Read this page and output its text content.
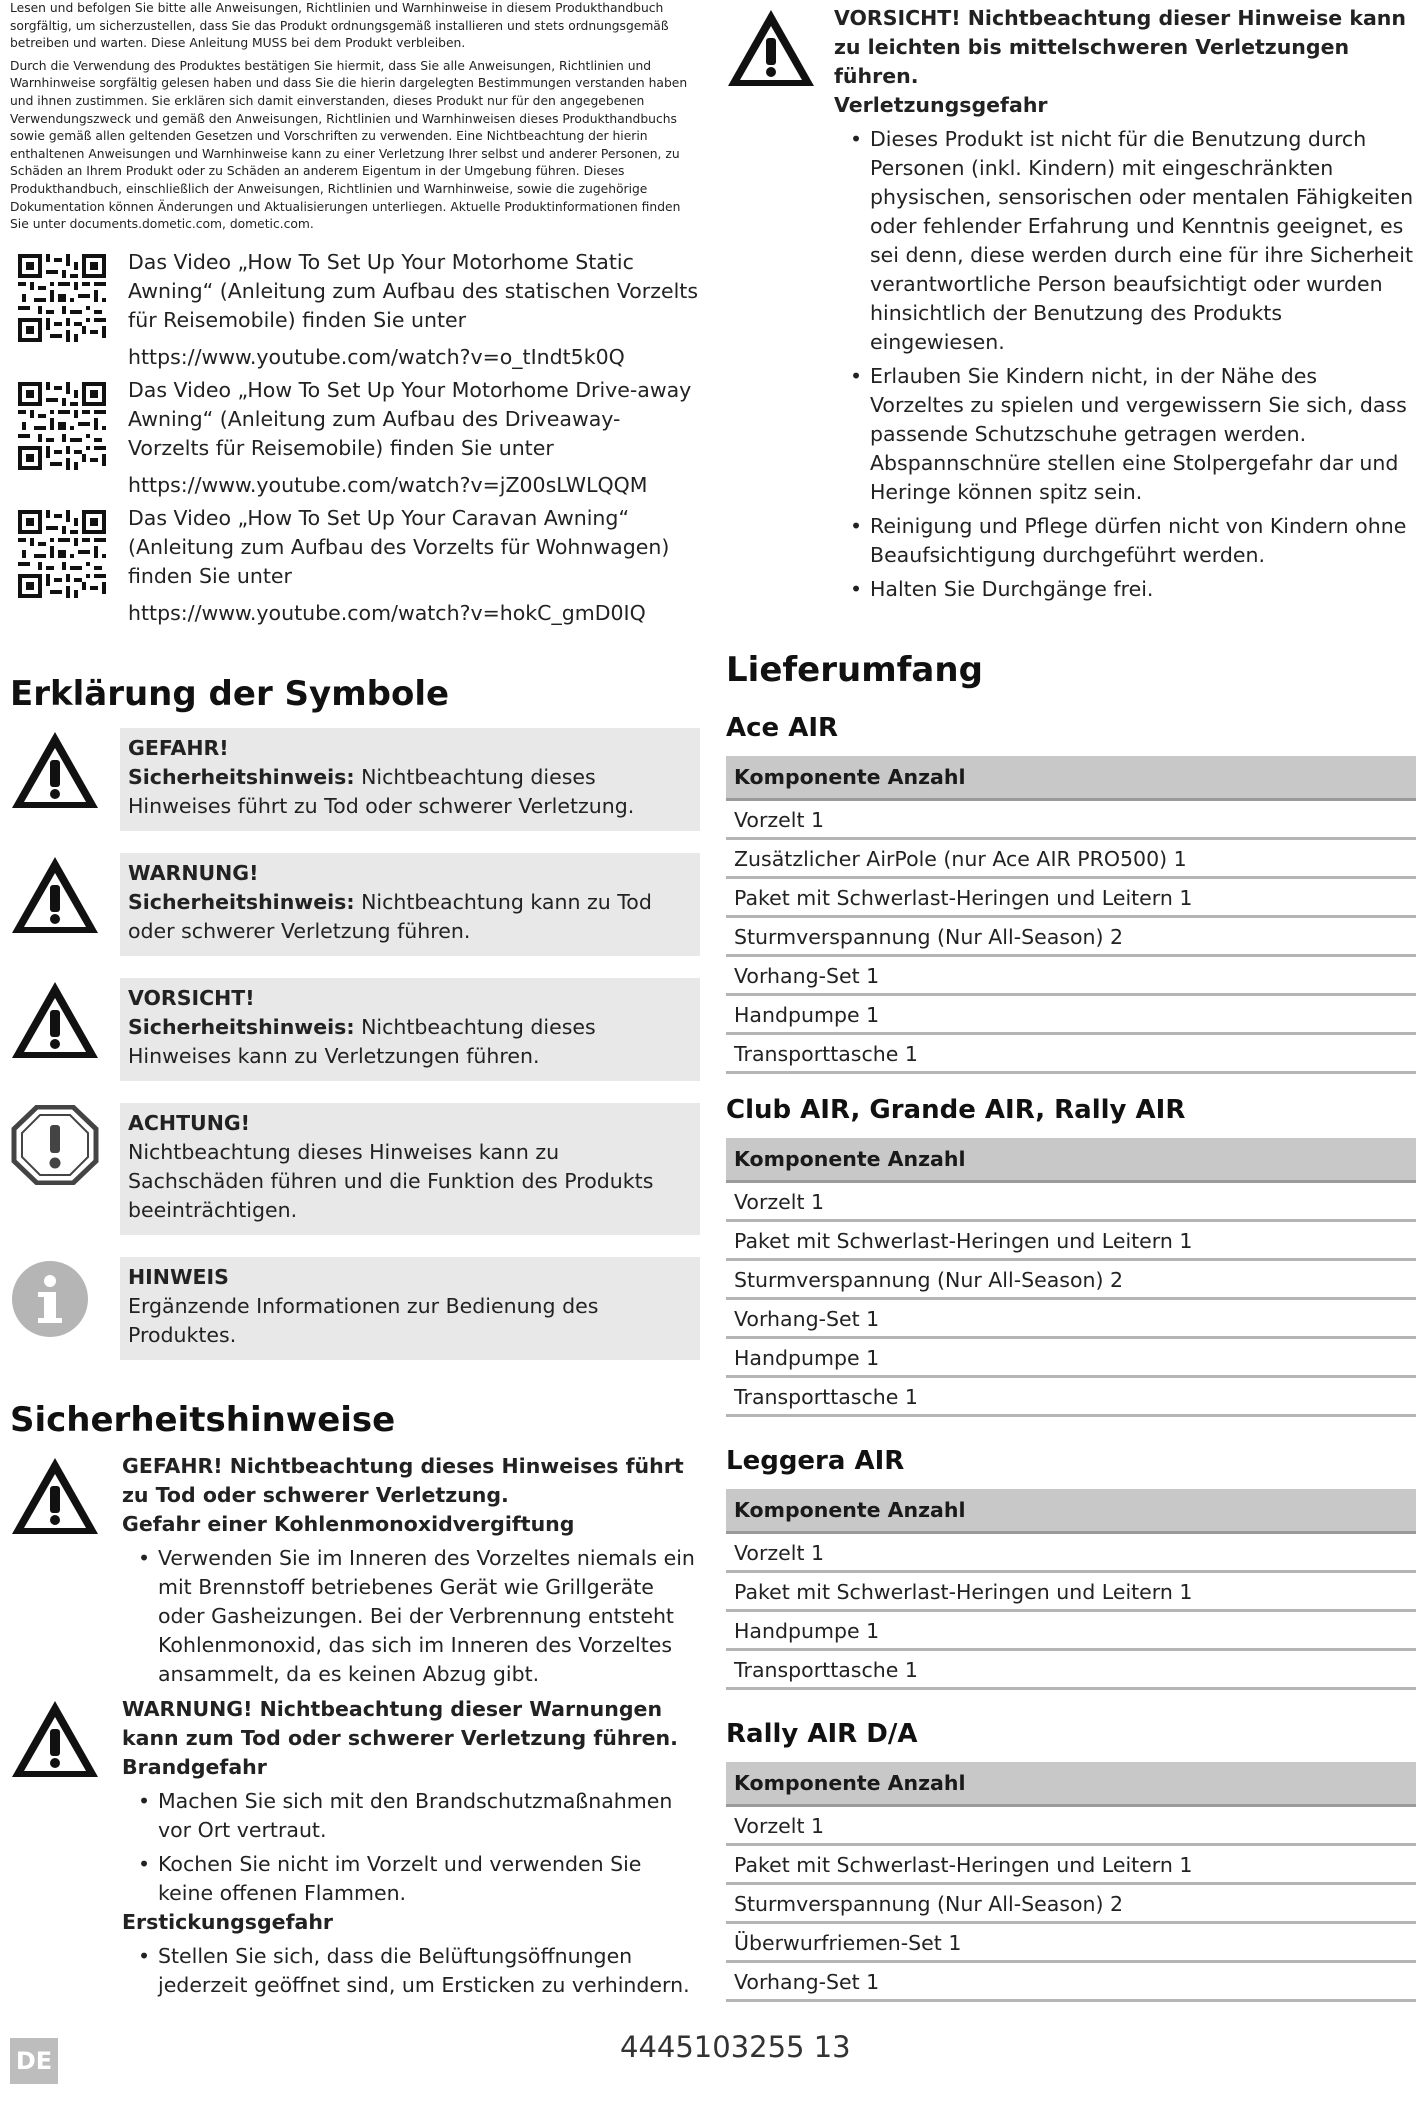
Lesen und befolgen Sie bitte alle Anweisungen, Richtlinien und Warnhinweise in diesem Produkthandbuch sorgfältig, um sicherzustellen, dass Sie das Produkt ordnungsgemäß installieren und stets ordnungsgemäß betreiben und warten. Diese Anleitung MUSS bei dem Produkt verbleiben.

Durch die Verwendung des Produktes bestätigen Sie hiermit, dass Sie alle Anweisungen, Richtlinien und Warnhinweise sorgfältig gelesen haben und dass Sie die hierin dargelegten Bestimmungen verstanden haben und ihnen zustimmen. Sie erklären sich damit einverstanden, dieses Produkt nur für den angegebenen Verwendungszweck und gemäß den Anweisungen, Richtlinien und Warnhinweisen dieses Produkthandbuchs sowie gemäß allen geltenden Gesetzen und Vorschriften zu verwenden. Eine Nichtbeachtung der hierin enthaltenen Anweisungen und Warnhinweise kann zu einer Verletzung Ihrer selbst und anderer Personen, zu Schäden an Ihrem Produkt oder zu Schäden an anderem Eigentum in der Umgebung führen. Dieses Produkthandbuch, einschließlich der Anweisungen, Richtlinien und Warnhinweise, sowie die zugehörige Dokumentation können Änderungen und Aktualisierungen unterliegen. Aktuelle Produktinformationen finden Sie unter documents.dometic.com, dometic.com.

Das Video „How To Set Up Your Motorhome Static Awning“ (Anleitung zum Aufbau des statischen Vorzelts für Reisemobile) finden Sie unter
https://www.youtube.com/watch?v=o_tIndt5k0Q
Das Video „How To Set Up Your Motorhome Drive-away Awning“ (Anleitung zum Aufbau des Driveaway-Vorzelts für Reisemobile) finden Sie unter
https://www.youtube.com/watch?v=jZ00sLWLQQM
Das Video „How To Set Up Your Caravan Awning“ (Anleitung zum Aufbau des Vorzelts für Wohnwagen) finden Sie unter
https://www.youtube.com/watch?v=hokC_gmD0IQ
Erklärung der Symbole
GEFAHR!
Sicherheitshinweis: Nichtbeachtung dieses Hinweises führt zu Tod oder schwerer Verletzung.
WARNUNG!
Sicherheitshinweis: Nichtbeachtung kann zu Tod oder schwerer Verletzung führen.
VORSICHT!
Sicherheitshinweis: Nichtbeachtung dieses Hinweises kann zu Verletzungen führen.
ACHTUNG!
Nichtbeachtung dieses Hinweises kann zu Sachschäden führen und die Funktion des Produkts beeinträchtigen.
HINWEIS
Ergänzende Informationen zur Bedienung des Produktes.
Sicherheitshinweise
GEFAHR! Nichtbeachtung dieses Hinweises führt zu Tod oder schwerer Verletzung.
Gefahr einer Kohlenmonoxidvergiftung
• Verwenden Sie im Inneren des Vorzeltes niemals ein mit Brennstoff betriebenes Gerät wie Grillgeräte oder Gasheizungen. Bei der Verbrennung entsteht Kohlenmonoxid, das sich im Inneren des Vorzeltes ansammelt, da es keinen Abzug gibt.
WARNUNG! Nichtbeachtung dieser Warnungen kann zum Tod oder schwerer Verletzung führen.
Brandgefahr
• Machen Sie sich mit den Brandschutzmaßnahmen vor Ort vertraut.
• Kochen Sie nicht im Vorzelt und verwenden Sie keine offenen Flammen.
Erstickungsgefahr
• Stellen Sie sich, dass die Belüftungsöffnungen jederzeit geöffnet sind, um Ersticken zu verhindern.
VORSICHT! Nichtbeachtung dieser Hinweise kann zu leichten bis mittelschweren Verletzungen führen.
Verletzungsgefahr
• Dieses Produkt ist nicht für die Benutzung durch Personen (inkl. Kindern) mit eingeschränkten physischen, sensorischen oder mentalen Fähigkeiten oder fehlender Erfahrung und Kenntnis geeignet, es sei denn, diese werden durch eine für ihre Sicherheit verantwortliche Person beaufsichtigt oder wurden hinsichtlich der Benutzung des Produkts eingewiesen.
• Erlauben Sie Kindern nicht, in der Nähe des Vorzeltes zu spielen und vergewissern Sie sich, dass passende Schutzschuhe getragen werden. Abspannschnüre stellen eine Stolpergefahr dar und Heringe können spitz sein.
• Reinigung und Pflege dürfen nicht von Kindern ohne Beaufsichtigung durchgeführt werden.
• Halten Sie Durchgänge frei.
Lieferumfang
Ace AIR
Komponente Anzahl
Vorzelt 1
Zusätzlicher AirPole (nur Ace AIR PRO500) 1
Paket mit Schwerlast-Heringen und Leitern 1
Sturmverspannung (Nur All-Season) 2
Vorhang-Set 1
Handpumpe 1
Transporttasche 1
Club AIR, Grande AIR, Rally AIR
Komponente Anzahl
Vorzelt 1
Paket mit Schwerlast-Heringen und Leitern 1
Sturmverspannung (Nur All-Season) 2
Vorhang-Set 1
Handpumpe 1
Transporttasche 1
Leggera AIR
Komponente Anzahl
Vorzelt 1
Paket mit Schwerlast-Heringen und Leitern 1
Handpumpe 1
Transporttasche 1
Rally AIR D/A
Komponente Anzahl
Vorzelt 1
Paket mit Schwerlast-Heringen und Leitern 1
Sturmverspannung (Nur All-Season) 2
Überwurfriemen-Set 1
Vorhang-Set 1
DE	4445103255 13
